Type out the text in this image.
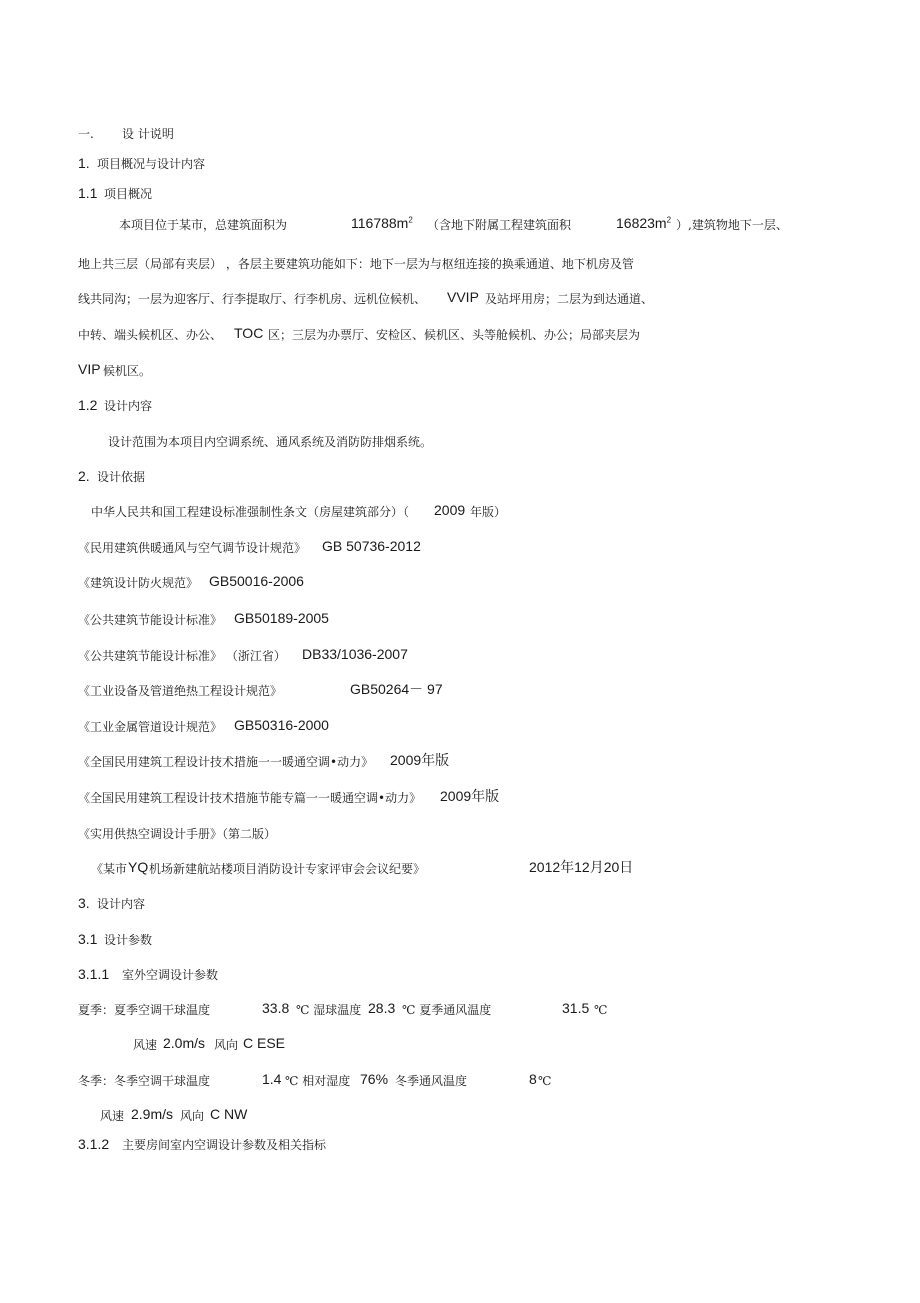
一. 设 计说明
1. 项目概况与设计内容
1.1 项目概况
本项目位于某市，总建筑面积为	$116788m^2$ （含地下附属工程建筑面积	$16823m^2$ ）,建筑物地下一层、
地上共三层（局部有夹层） ，各层主要建筑功能如下：地下一层为与枢纽连接的换乘通道、地下机房及管
线共同沟；一层为迎客厅、行李提取厅、行李机房、远机位候机、 VVIP 及站坪用房；二层为到达通道、
中转、端头候机区、办公、 TOC 区；三层为办票厅、安检区、候机区、头等舱候机、办公；局部夹层为
VIP 候机区。
1.2 设计内容
设计范围为本项目内空调系统、通风系统及消防防排烟系统。
2. 设计依据
中华人民共和国工程建设标准强制性条文（房屋建筑部分）（ 2009 年版）
《民用建筑供暖通风与空气调节设计规范》 GB 50736-2012
《建筑设计防火规范》 GB50016-2006
《公共建筑节能设计标准》 GB50189-2005
《公共建筑节能设计标准》 （浙江省） DB33/1036-2007
《工业设备及管道绝热工程设计规范》	GB50264－ 97
《工业金属管道设计规范》 GB50316-2000
《全国民用建筑工程设计技术措施一一暖通空调•动力》 2009年版
《全国民用建筑工程设计技术措施节能专篇一一暖通空调•动力》 2009年版
《实用供热空调设计手册》（第二版）
《某市 YQ 机场新建航站楼项目消防设计专家评审会会议纪要》	2012年12月20日
3. 设计内容
3.1 设计参数
3.1.1 室外空调设计参数
夏季：夏季空调干球温度	33.8 ℃ 湿球温度 28.3 ℃ 夏季通风温度	31.5 ℃
风速 2.0m/s 风向 C ESE
冬季：冬季空调干球温度	1.4 ℃ 相对湿度 76% 冬季通风温度	8 ℃
风速 2.9m/s 风向 C NW
3.1.2 主要房间室内空调设计参数及相关指标
